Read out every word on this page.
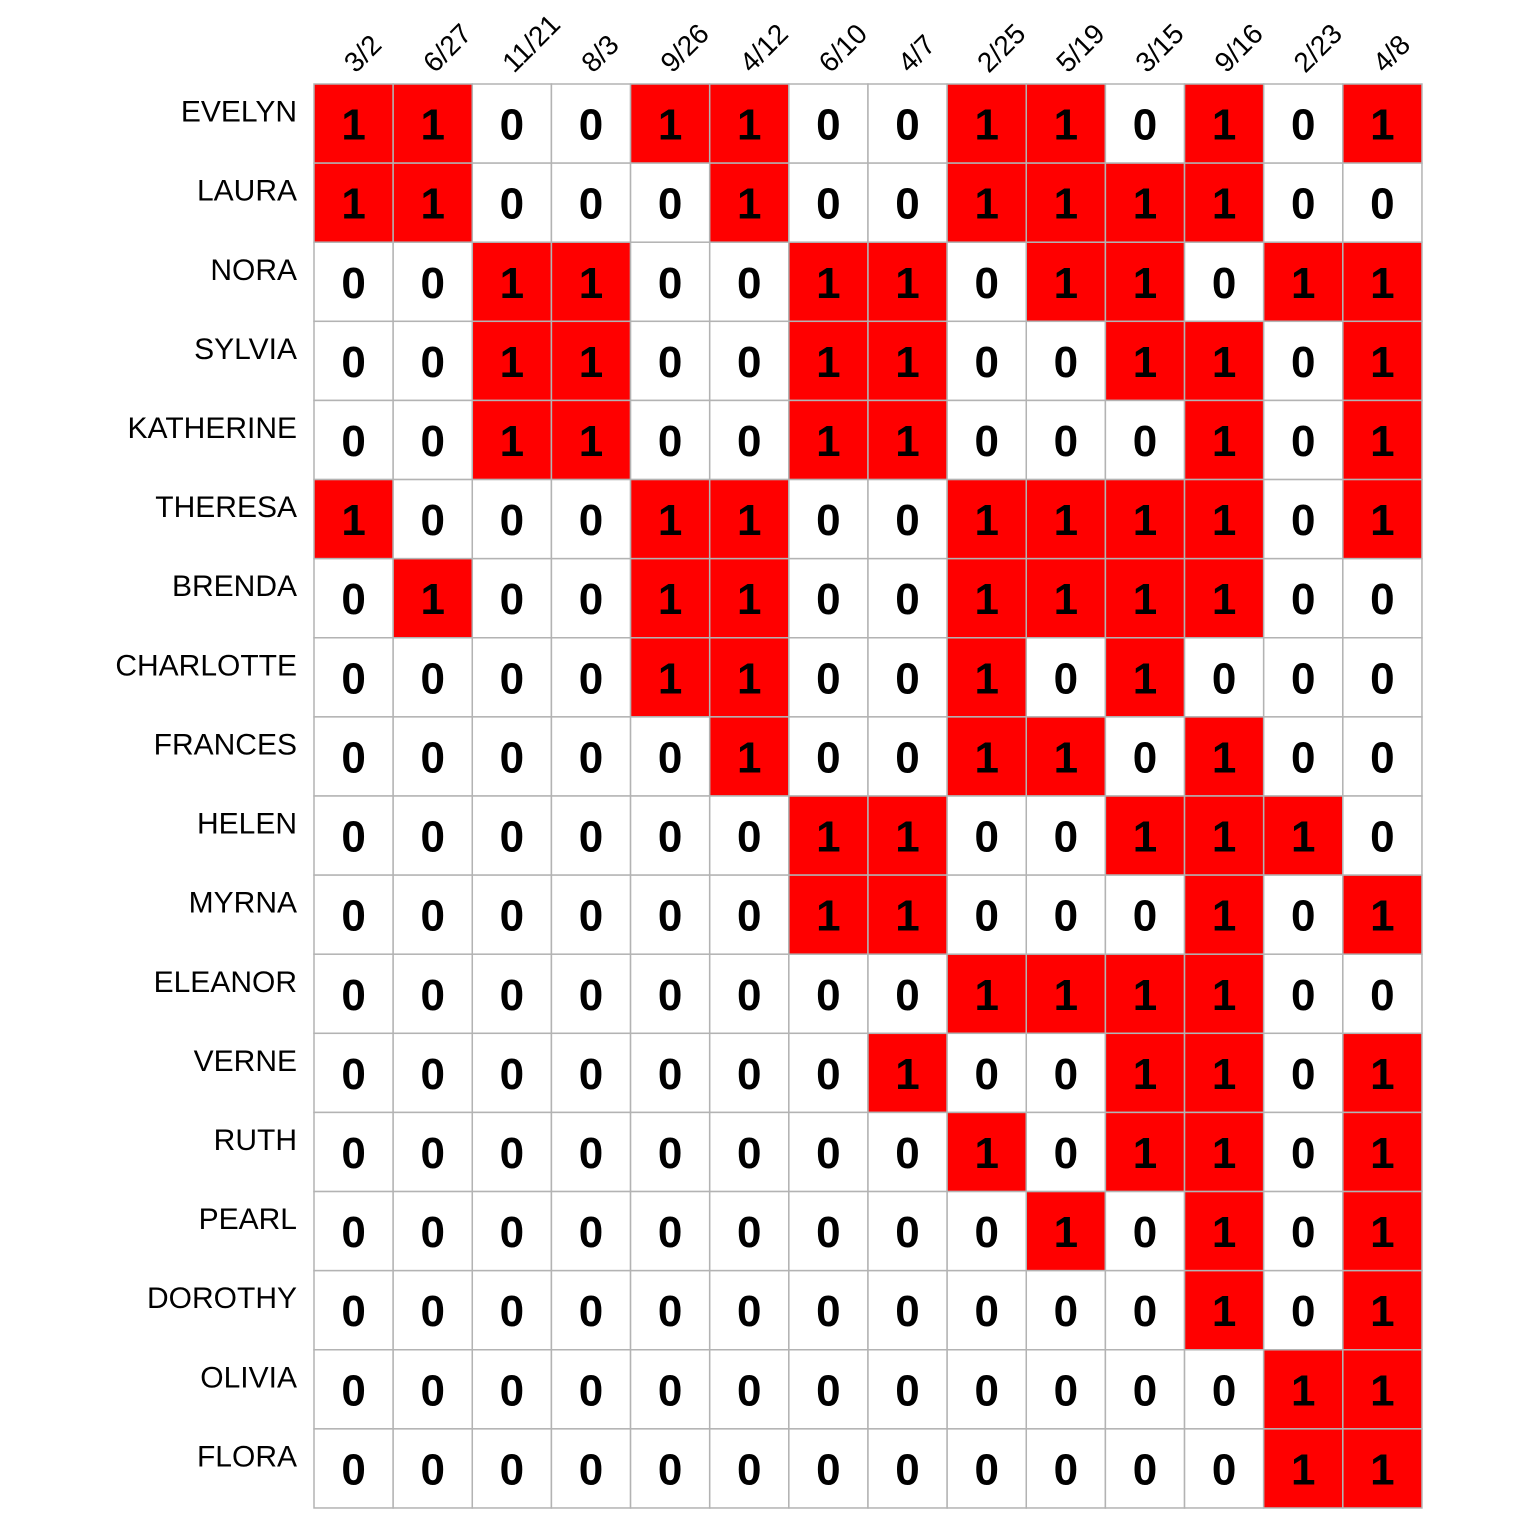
1 1 0 0 1 1 0 0 1 1 0 1 0 1
1 1 0 0 0 1 0 0 1 1 1 1 0 0
0 0 1 1 0 0 1 1 0 1 1 0 1 1
0 0 1 1 0 0 1 1 0 0 1 1 0 1
0 0 1 1 0 0 1 1 0 0 0 1 0 1
1 0 0 0 1 1 0 0 1 1 1 1 0 1
0 1 0 0 1 1 0 0 1 1 1 1 0 0
0 0 0 0 1 1 0 0 1 0 1 0 0 0
0 0 0 0 0 1 0 0 1 1 0 1 0 0
0 0 0 0 0 0 1 1 0 0 1 1 1 0
0 0 0 0 0 0 1 1 0 0 0 1 0 1
0 0 0 0 0 0 0 0 1 1 1 1 0 0
0 0 0 0 0 0 0 1 0 0 1 1 0 1
0 0 0 0 0 0 0 0 1 0 1 1 0 1
0 0 0 0 0 0 0 0 0 1 0 1 0 1
0 0 0 0 0 0 0 0 0 0 0 1 0 1
0 0 0 0 0 0 0 0 0 0 0 0 1 1
0 0 0 0 0 0 0 0 0 0 0 0 1 1
3/2 6/27 11/21 8/3 9/26 4/12 6/10 4/7 2/25 5/19 3/15 9/16 2/23 4/8
EVELYN
LAURA
NORA
SYLVIA
KATHERINE
THERESA
BRENDA
CHARLOTTE
FRANCES
HELEN
MYRNA
ELEANOR
VERNE
RUTH
PEARL
DOROTHY
OLIVIA
FLORA
